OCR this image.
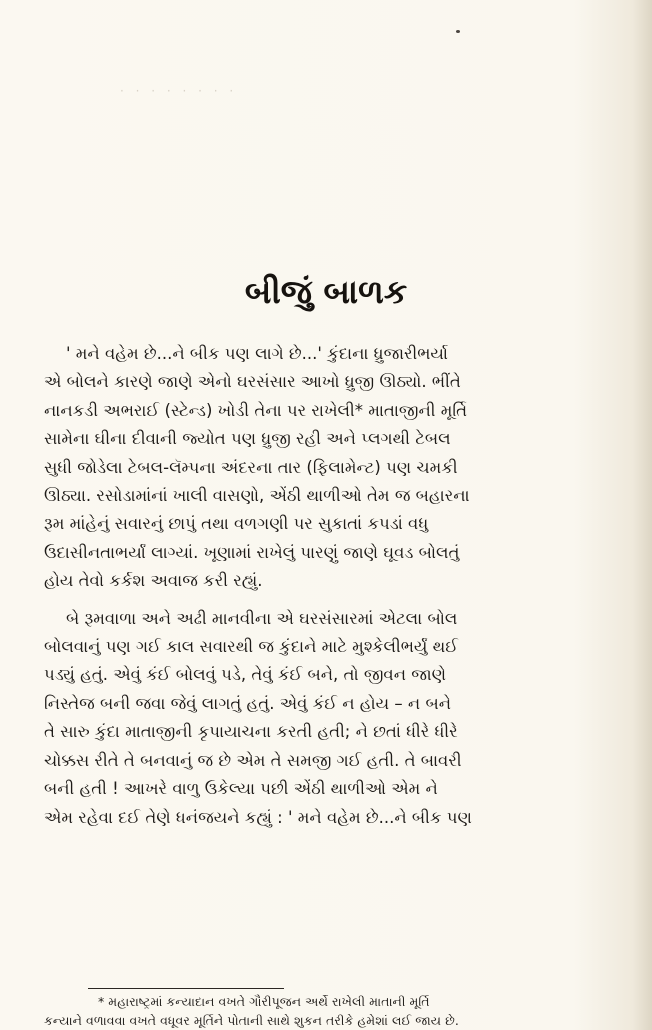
· · · · · · · ·
બીજું બાળક

' મને વહેમ છે...ને બીક પણ લાગે છે...' કુંદાના ધ્રુજારીભર્યા

એ બોલને કારણે જાણે એનો ઘરસંસાર આખો ધ્રુજી ઊઠ્યો. ભીંતે

નાનકડી અભરાઈ (સ્ટેન્ડ) ખોડી તેના પર રાખેલી* માતાજીની મૂર્તિ

સામેના ઘીના દીવાની જ્યોત પણ ધ્રુજી રહી અને પ્લગથી ટેબલ

સુધી જોડેલા ટેબલ-લૅમ્પના અંદરના તાર (ફિલામેન્ટ) પણ ચમકી

ઊઠ્યા. રસોડામાંનાં ખાલી વાસણો, એંઠી થાળીઓ તેમ જ બહારના

રૂમ માંહેનું સવારનું છાપું તથા વળગણી પર સુકાતાં કપડાં વધુ

ઉદાસીનતાભર્યાં લાગ્યાં. ખૂણામાં રાખેલું પારણું જાણે ઘૂવડ બોલતું

હોય તેવો કર્કશ અવાજ કરી રહ્યું.

બે રૂમવાળા અને અઢી માનવીના એ ઘરસંસારમાં એટલા બોલ

બોલવાનું પણ ગઈ કાલ સવારથી જ કુંદાને માટે મુશ્કેલીભર્યું થઈ

પડ્યું હતું. એવું કંઈ બોલવું પડે, તેવું કંઈ બને, તો જીવન જાણે

નિસ્તેજ બની જવા જેવું લાગતું હતું. એવું કંઈ ન હોય – ન બને

તે સારુ કુંદા માતાજીની કૃપાયાચના કરતી હતી; ને છતાં ધીરે ધીરે

ચોક્કસ રીતે તે બનવાનું જ છે એમ તે સમજી ગઈ હતી. તે બાવરી

બની હતી ! આખરે વાળુ ઉકેલ્યા પછી એંઠી થાળીઓ એમ ને

એમ રહેવા દઈ તેણે ધનંજયને કહ્યું : ' મને વહેમ છે...ને બીક પણ

* મહારાષ્ટ્રમાં કન્યાદાન વખતે ગૌરીપૂજન અર્થે રાખેલી માતાની મૂર્તિ

કન્યાને વળાવવા વખતે વધૂવર મૂર્તિને પોતાની સાથે શુકન તરીકે હમેશાં લઈ જાય છે.
